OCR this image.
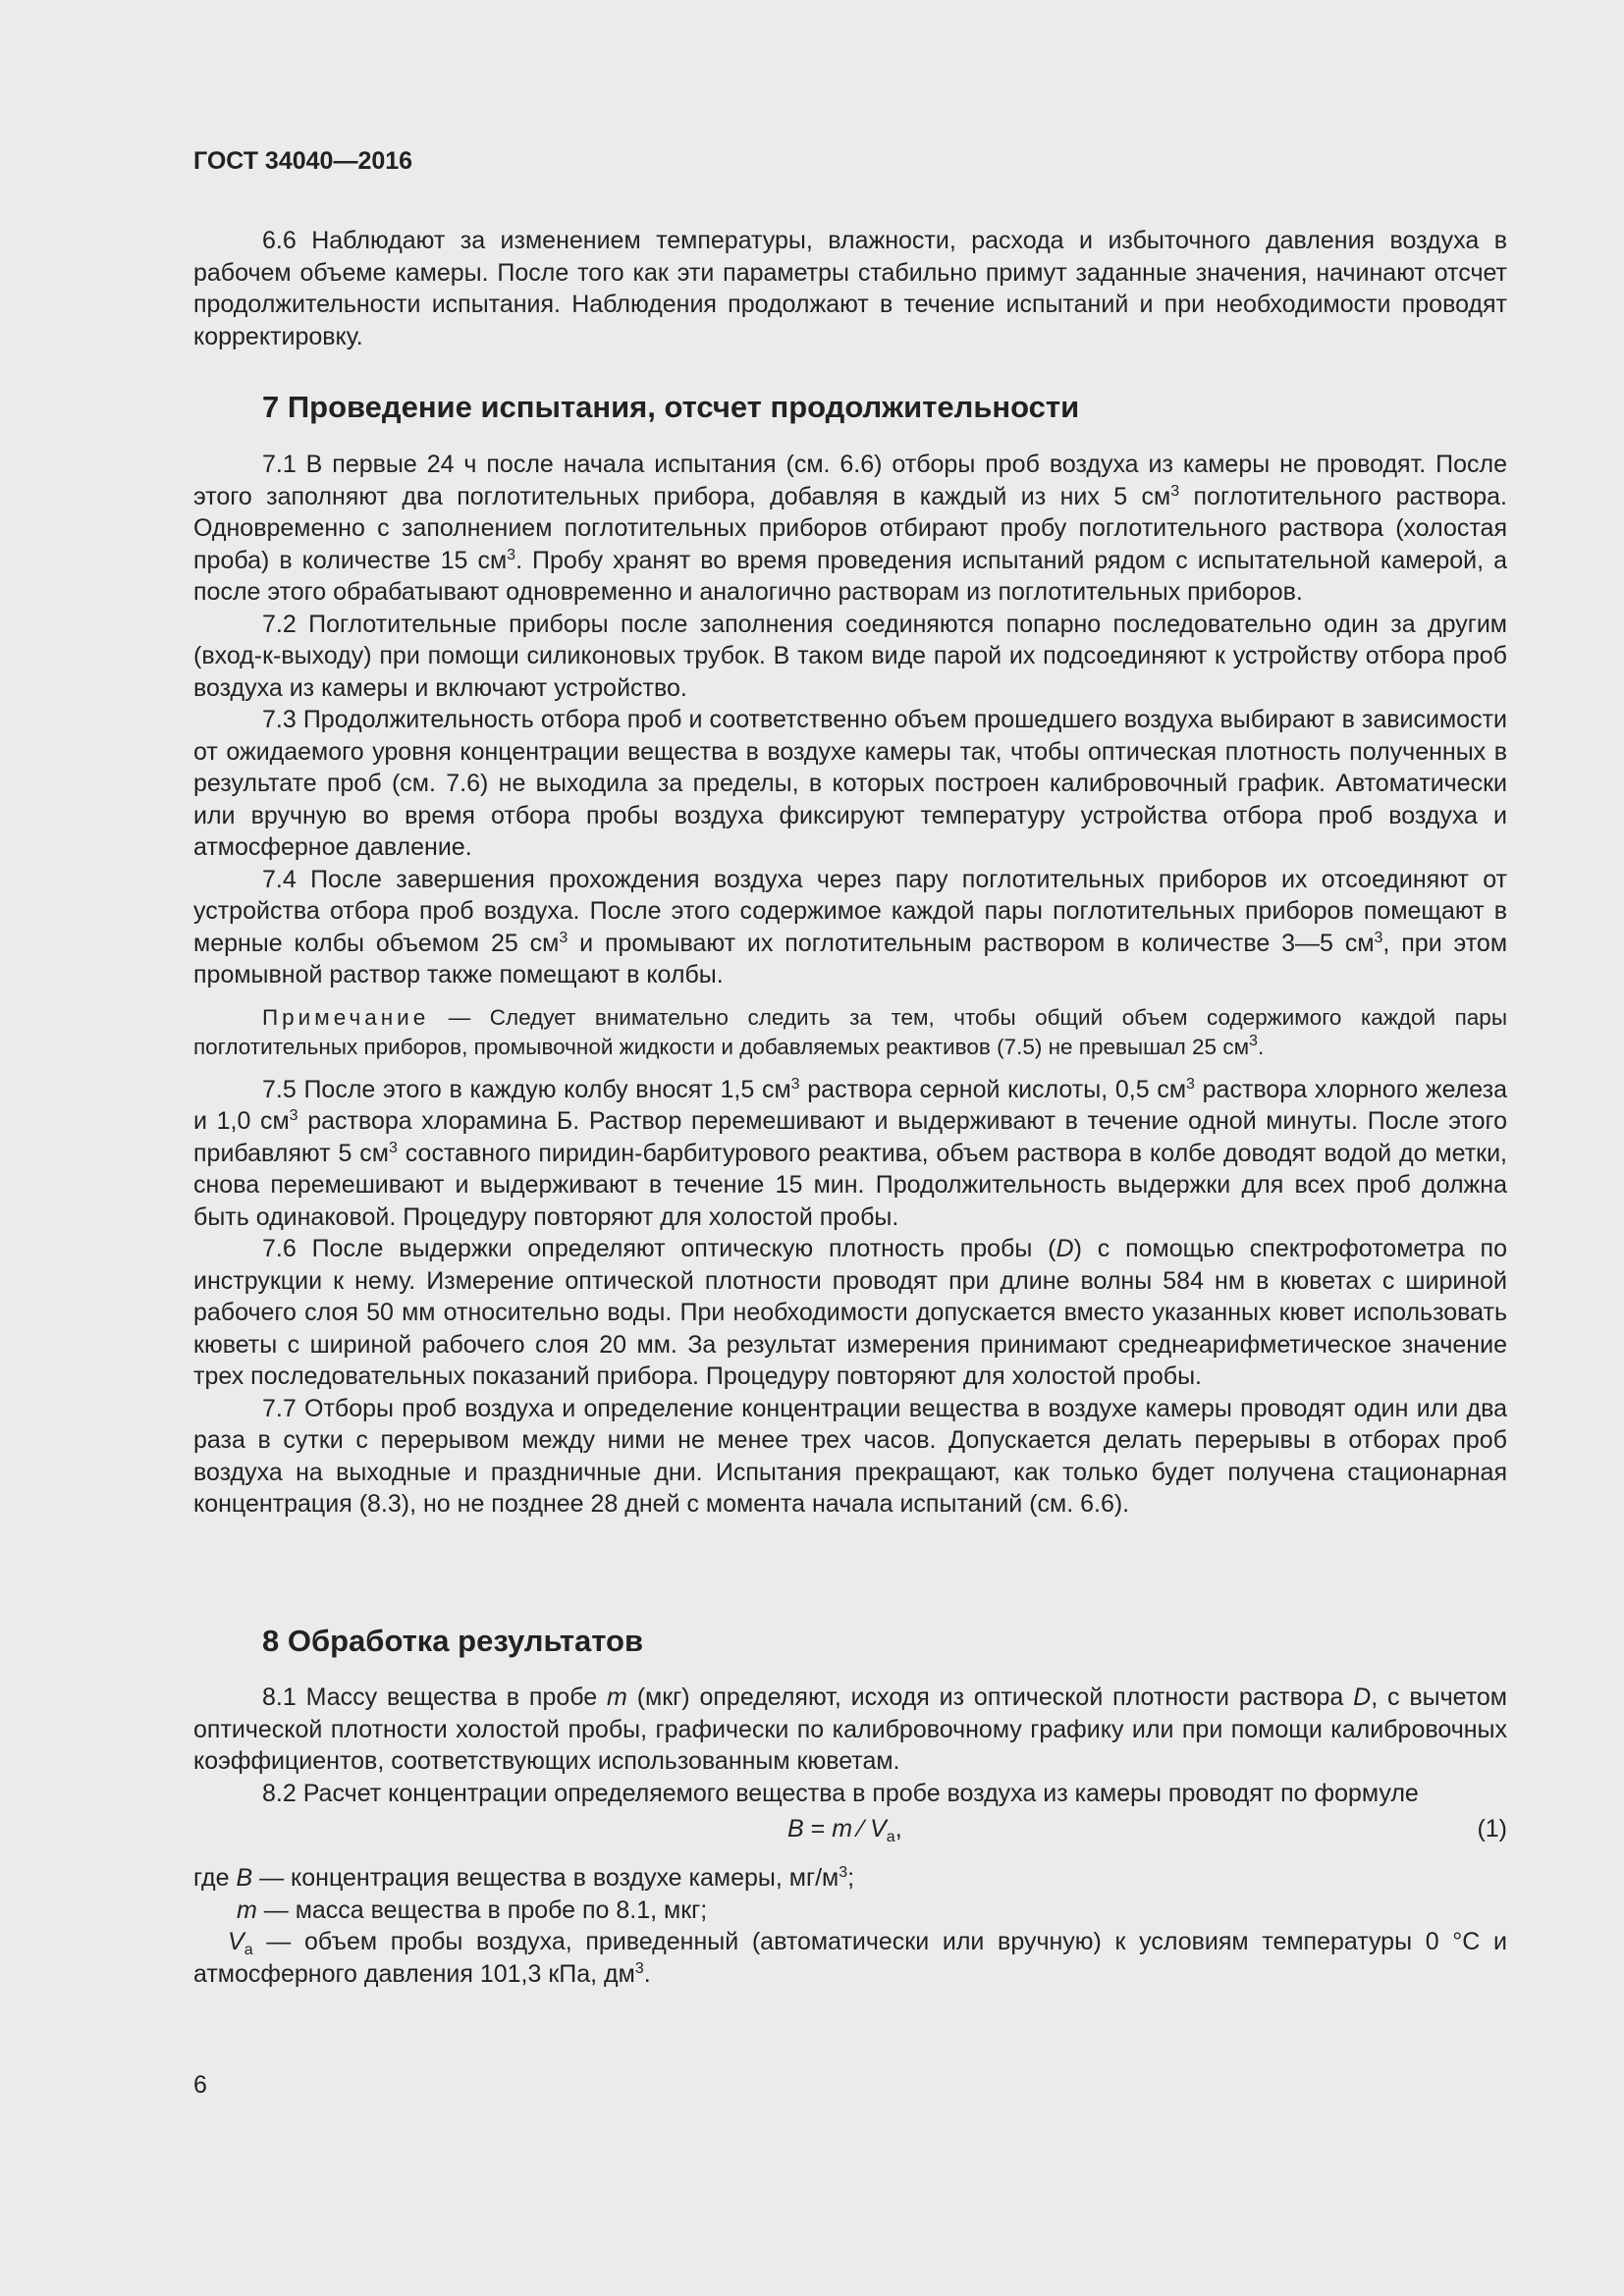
ГОСТ 34040—2016

6.6 Наблюдают за изменением температуры, влажности, расхода и избыточного давления воздуха в рабочем объеме камеры. После того как эти параметры стабильно примут заданные значения, начинают отсчет продолжительности испытания. Наблюдения продолжают в течение испытаний и при необходимости проводят корректировку.

7 Проведение испытания, отсчет продолжительности

7.1 В первые 24 ч после начала испытания (см. 6.6) отборы проб воздуха из камеры не проводят. После этого заполняют два поглотительных прибора, добавляя в каждый из них 5 $см^3$ поглотительного раствора. Одновременно с заполнением поглотительных приборов отбирают пробу поглотительного раствора (холостая проба) в количестве 15 $см^3$. Пробу хранят во время проведения испытаний рядом с испытательной камерой, а после этого обрабатывают одновременно и аналогично растворам из поглотительных приборов.

7.2 Поглотительные приборы после заполнения соединяются попарно последовательно один за другим (вход-к-выходу) при помощи силиконовых трубок. В таком виде парой их подсоединяют к устройству отбора проб воздуха из камеры и включают устройство.

7.3 Продолжительность отбора проб и соответственно объем прошедшего воздуха выбирают в зависимости от ожидаемого уровня концентрации вещества в воздухе камеры так, чтобы оптическая плотность полученных в результате проб (см. 7.6) не выходила за пределы, в которых построен калибровочный график. Автоматически или вручную во время отбора пробы воздуха фиксируют температуру устройства отбора проб воздуха и атмосферное давление.

7.4 После завершения прохождения воздуха через пару поглотительных приборов их отсоединяют от устройства отбора проб воздуха. После этого содержимое каждой пары поглотительных приборов помещают в мерные колбы объемом 25 $см^3$ и промывают их поглотительным раствором в количестве 3—5 $см^3$, при этом промывной раствор также помещают в колбы.

Примечание — Следует внимательно следить за тем, чтобы общий объем содержимого каждой пары поглотительных приборов, промывочной жидкости и добавляемых реактивов (7.5) не превышал 25 $см^3$.

7.5 После этого в каждую колбу вносят 1,5 $см^3$ раствора серной кислоты, 0,5 $см^3$ раствора хлорного железа и 1,0 $см^3$ раствора хлорамина Б. Раствор перемешивают и выдерживают в течение одной минуты. После этого прибавляют 5 $см^3$ составного пиридин-барбитурового реактива, объем раствора в колбе доводят водой до метки, снова перемешивают и выдерживают в течение 15 мин. Продолжительность выдержки для всех проб должна быть одинаковой. Процедуру повторяют для холостой пробы.

7.6 После выдержки определяют оптическую плотность пробы (D) с помощью спектрофотометра по инструкции к нему. Измерение оптической плотности проводят при длине волны 584 нм в кюветах с шириной рабочего слоя 50 мм относительно воды. При необходимости допускается вместо указанных кювет использовать кюветы с шириной рабочего слоя 20 мм. За результат измерения принимают среднеарифметическое значение трех последовательных показаний прибора. Процедуру повторяют для холостой пробы.

7.7 Отборы проб воздуха и определение концентрации вещества в воздухе камеры проводят один или два раза в сутки с перерывом между ними не менее трех часов. Допускается делать перерывы в отборах проб воздуха на выходные и праздничные дни. Испытания прекращают, как только будет получена стационарная концентрация (8.3), но не позднее 28 дней с момента начала испытаний (см. 6.6).

8 Обработка результатов

8.1 Массу вещества в пробе m (мкг) определяют, исходя из оптической плотности раствора D, с вычетом оптической плотности холостой пробы, графически по калибровочному графику или при помощи калибровочных коэффициентов, соответствующих использованным кюветам.

8.2 Расчет концентрации определяемого вещества в пробе воздуха из камеры проводят по формуле

B = m ⁄ $V_a$,	(1)

где B — концентрация вещества в воздухе камеры, $мг/м^3$;

m — масса вещества в пробе по 8.1, мкг;

$V_a$ — объем пробы воздуха, приведенный (автоматически или вручную) к условиям температуры 0 °С и атмосферного давления 101,3 кПа, $дм^3$.

6
